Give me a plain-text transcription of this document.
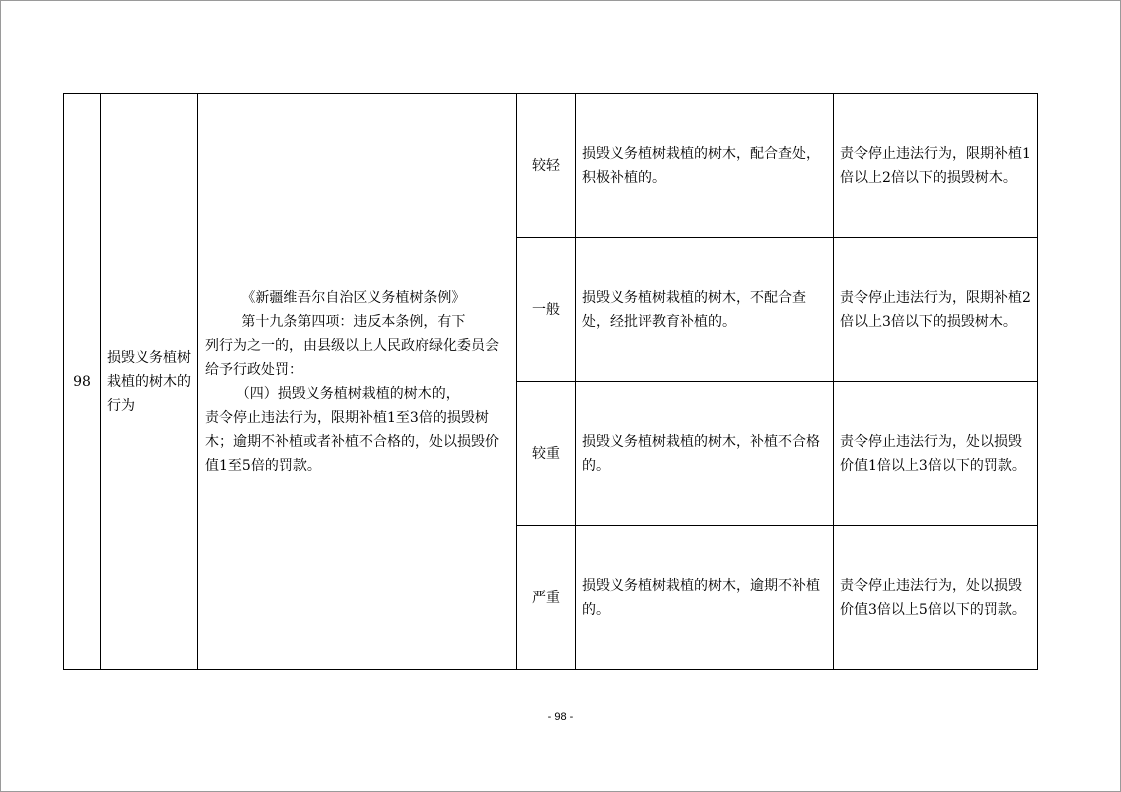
98	损毁义务植树栽植的树木的行为	《新疆维吾尔自治区义务植树条例》
第十九条第四项：违反本条例，有下
列行为之一的，由县级以上人民政府绿化委员会给予行政处罚：
（四）损毁义务植树栽植的树木的，
责令停止违法行为，限期补植1至3倍的损毁树木；逾期不补植或者补植不合格的，处以损毁价值1至5倍的罚款。	较轻	损毁义务植树栽植的树木，配合查处，积极补植的。	责令停止违法行为，限期补植1倍以上2倍以下的损毁树木。
			一般	损毁义务植树栽植的树木，不配合查处，经批评教育补植的。	责令停止违法行为，限期补植2倍以上3倍以下的损毁树木。
			较重	损毁义务植树栽植的树木，补植不合格的。	责令停止违法行为，处以损毁价值1倍以上3倍以下的罚款。
			严重	损毁义务植树栽植的树木，逾期不补植的。	责令停止违法行为，处以损毁价值3倍以上5倍以下的罚款。
- 98 -
